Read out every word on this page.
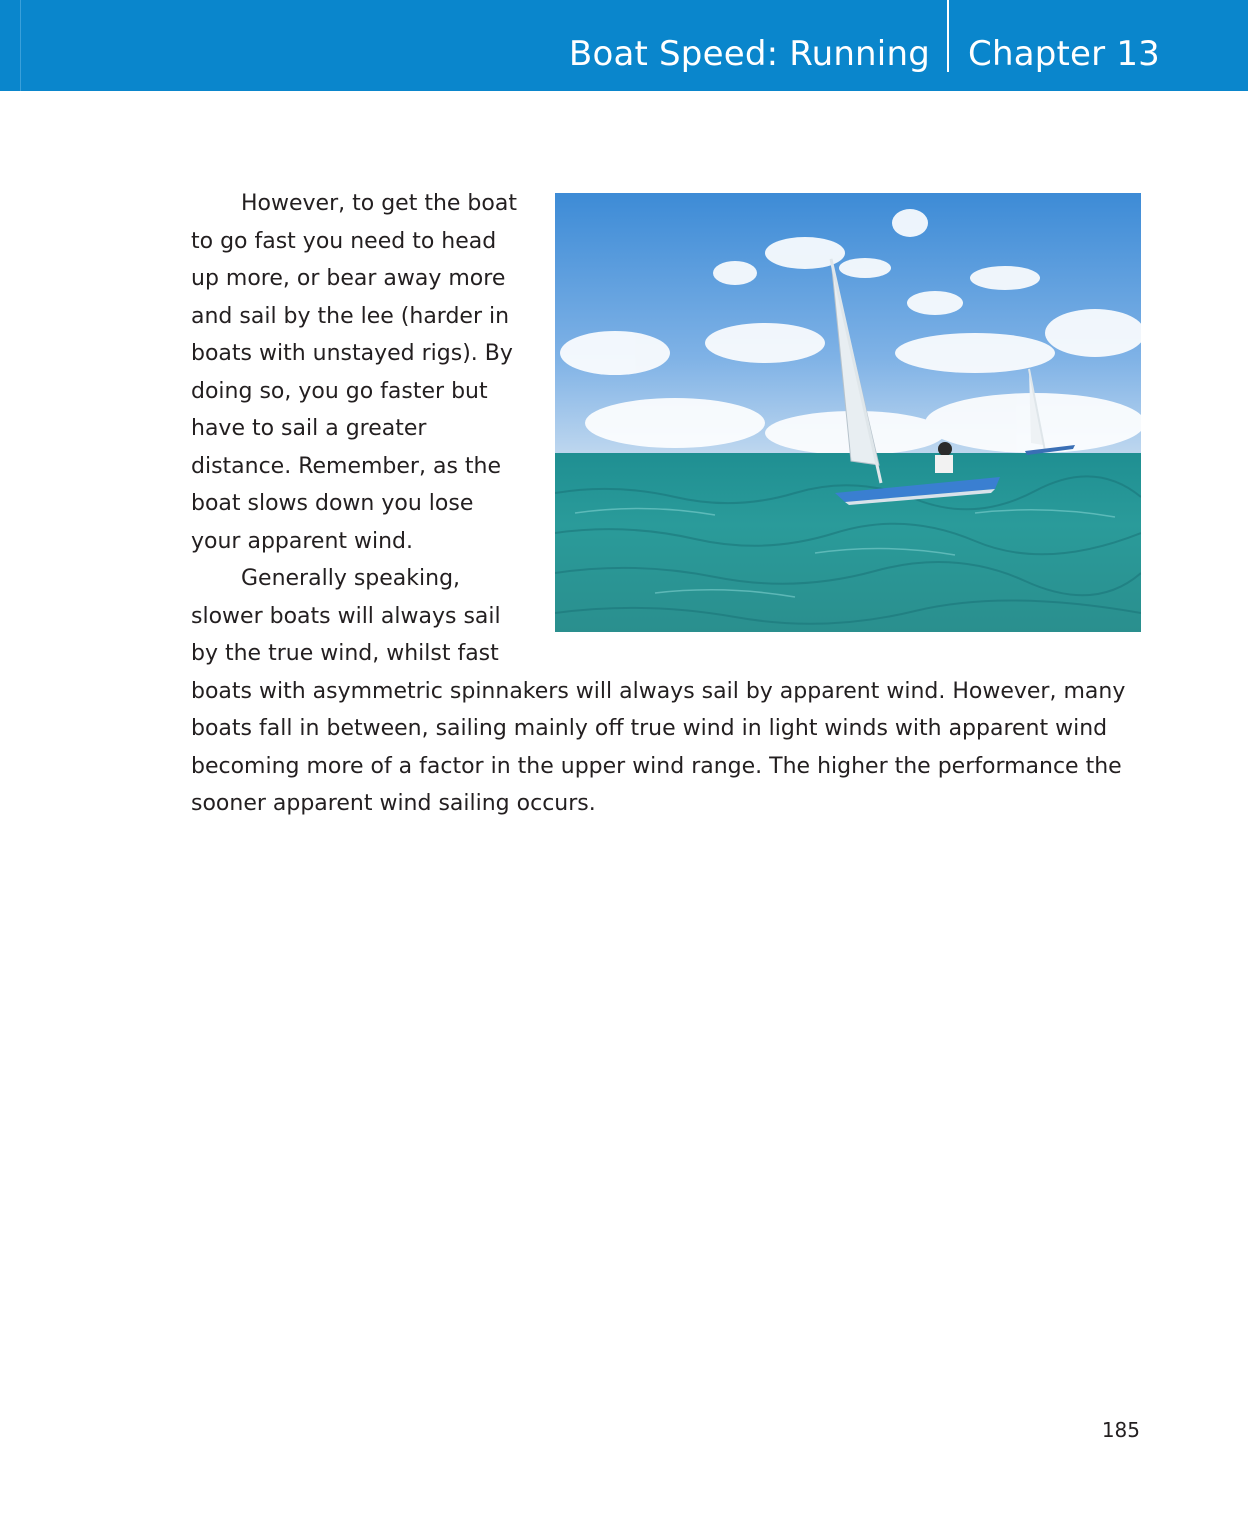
Boat Speed: Running Chapter 13

However, to get the boat to go fast you need to head up more, or bear away more and sail by the lee (harder in boats with unstayed rigs). By doing so, you go faster but have to sail a greater distance. Remember, as the boat slows down you lose your apparent wind.

Generally speaking, slower boats will always sail by the true wind, whilst fast boats with asymmetric spinnakers will always sail by apparent wind. However, many boats fall in between, sailing mainly off true wind in light winds with apparent wind becoming more of a factor in the upper wind range. The higher the performance the sooner apparent wind sailing occurs.

185
